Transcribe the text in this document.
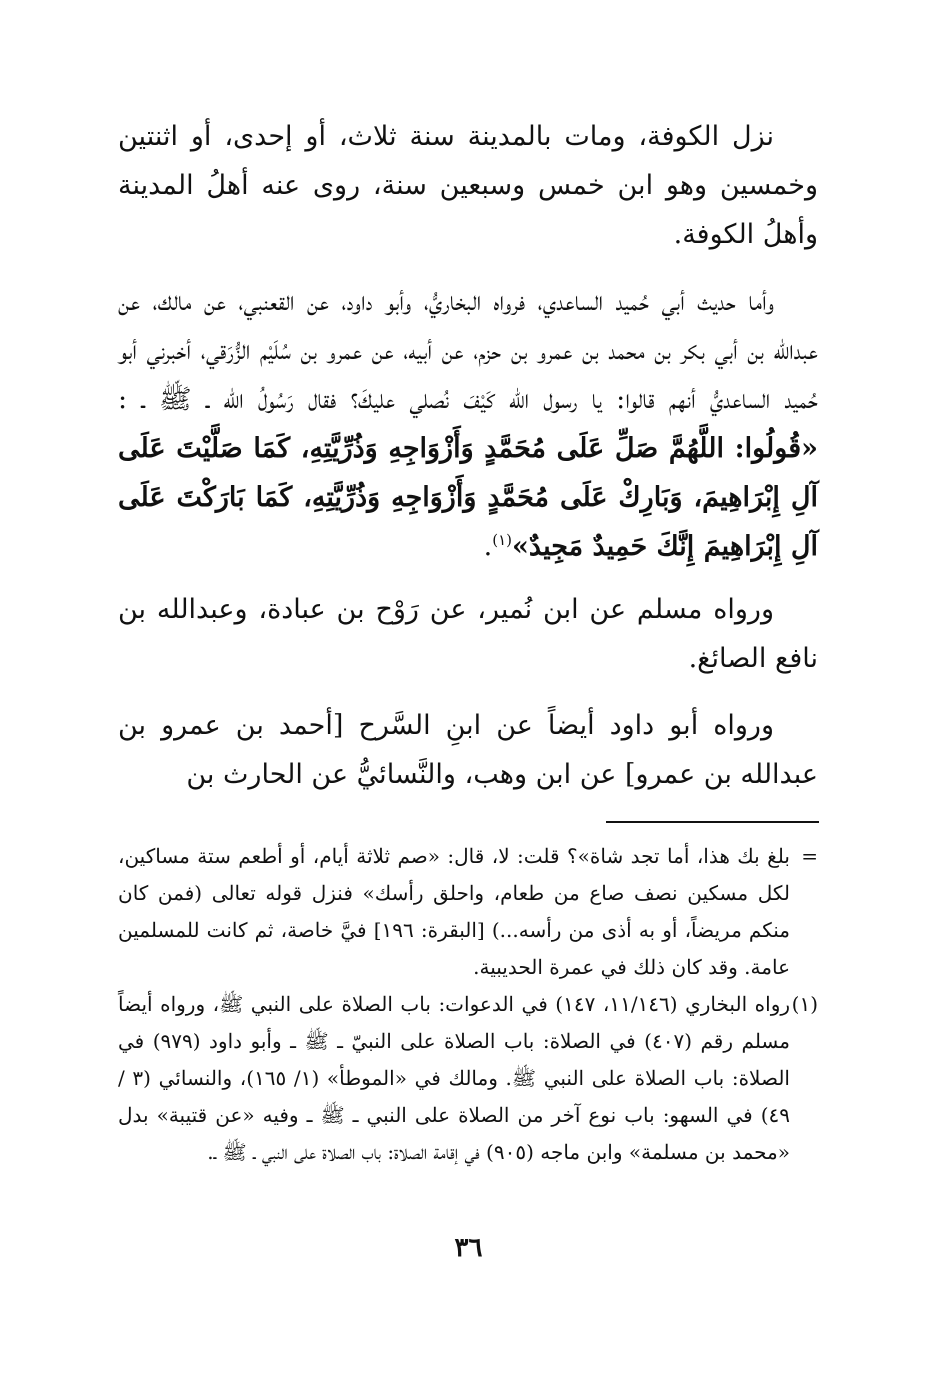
نزل الكوفة، ومات بالمدينة سنة ثلاث، أو إحدى، أو اثنتين وخمسين وهو ابن خمس وسبعين سنة، روى عنه أهلُ المدينة وأهلُ الكوفة.

وأما حديث أبي حُميد الساعدي، فرواه البخاريُّ، وأبو داود، عن القعنبي، عن مالك، عن عبدالله بن أبي بكر بن محمد بن عمرو بن حزم، عن أبيه، عن عمرو بن سُلَيْم الزُّرَقي، أخبرني أبو حُميد الساعديُّ أنهم قالوا: يا رسول الله كَيْفَ نُصلي عليكَ؟ فقال رَسُولُ الله ـ ﷺ ـ : «قُولُوا: اللَّهُمَّ صَلِّ عَلَى مُحَمَّدٍ وَأَزْوَاجِهِ وَذُرِّيَّتِهِ، كَمَا صَلَّيْتَ عَلَى آلِ إِبْرَاهِيمَ، وَبَارِكْ عَلَى مُحَمَّدٍ وَأَزْوَاجِهِ وَذُرِّيَّتِهِ، كَمَا بَارَكْتَ عَلَى آلِ إِبْرَاهِيمَ إِنَّكَ حَمِيدٌ مَجِيدٌ»$^{(١)}$.

ورواه مسلم عن ابن نُمير، عن رَوْح بن عبادة، وعبدالله بن نافع الصائغ.

ورواه أبو داود أيضاً عن ابنِ السَّرح [أحمد بن عمرو بن عبدالله بن عمرو] عن ابن وهب، والنَّسائيُّ عن الحارث بن

=
بلغ بك هذا، أما تجد شاة»؟ قلت: لا، قال: «صم ثلاثة أيام، أو أطعم ستة مساكين، لكل مسكين نصف صاع من طعام، واحلق رأسك» فنزل قوله تعالى (فمن كان منكم مريضاً، أو به أذى من رأسه...) [البقرة: ١٩٦] فيَّ خاصة، ثم كانت للمسلمين عامة. وقد كان ذلك في عمرة الحديبية.

(١)
رواه البخاري (١١/١٤٦، ١٤٧) في الدعوات: باب الصلاة على النبي ﷺ، ورواه أيضاً مسلم رقم (٤٠٧) في الصلاة: باب الصلاة على النبيّ ـ ﷺ ـ وأبو داود (٩٧٩) في الصلاة: باب الصلاة على النبي ﷺ. ومالك في «الموطأ» (١/ ١٦٥)، والنسائي (٣ / ٤٩) في السهو: باب نوع آخر من الصلاة على النبي ـ ﷺ ـ وفيه «عن قتيبة» بدل «محمد بن مسلمة» وابن ماجه (٩٠٥) في إقامة الصلاة: باب الصلاة على النبي ـ ﷺ ـ.

٣٦
